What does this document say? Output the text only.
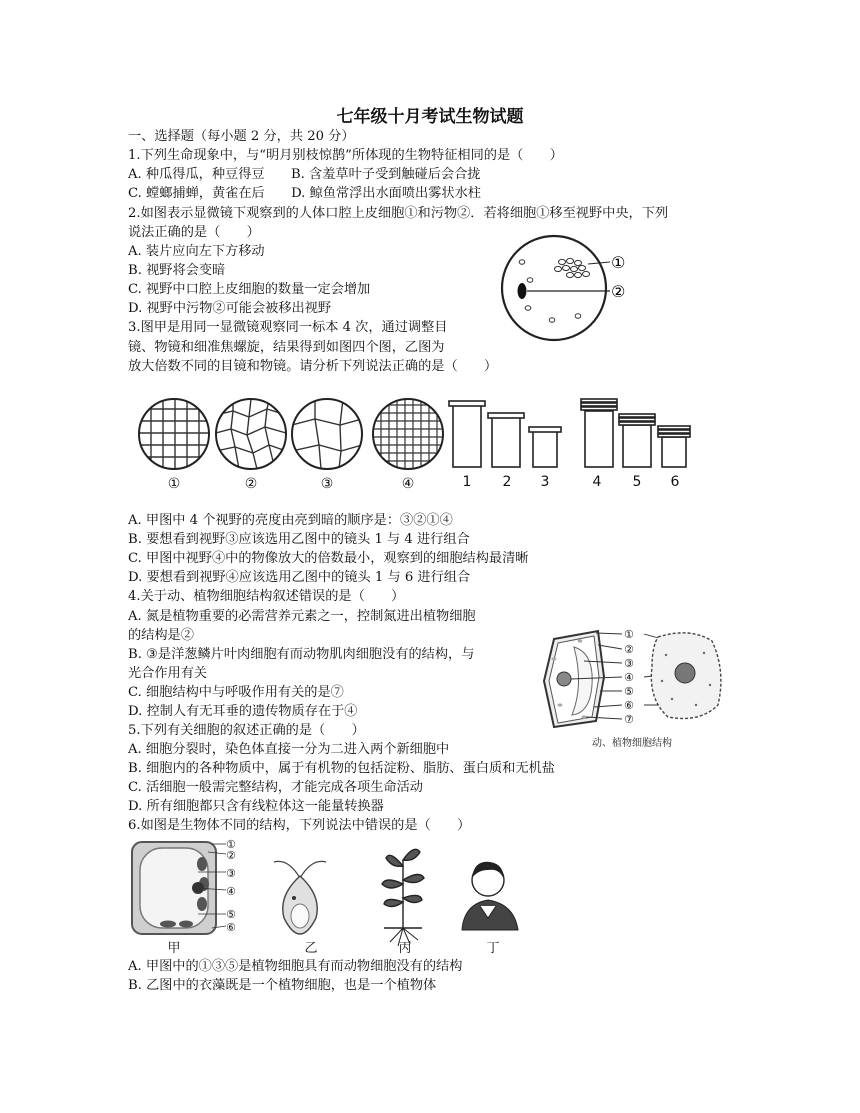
七年级十月考试生物试题
一、选择题（每小题 2 分，共 20 分）
1.下列生命现象中，与“明月别枝惊鹊”所体现的生物特征相同的是（　　）
A. 种瓜得瓜，种豆得豆　　B. 含羞草叶子受到触碰后会合拢
C. 螳螂捕蝉，黄雀在后　　D. 鲸鱼常浮出水面喷出雾状水柱
2.如图表示显微镜下观察到的人体口腔上皮细胞①和污物②．若将细胞①移至视野中央，下列
说法正确的是（　　）
A. 装片应向左下方移动
B. 视野将会变暗
C. 视野中口腔上皮细胞的数量一定会增加
D. 视野中污物②可能会被移出视野
①
②
3.图甲是用同一显微镜观察同一标本 4 次，通过调整目
镜、物镜和细准焦螺旋，结果得到如图四个图，乙图为
放大倍数不同的目镜和物镜。请分析下列说法正确的是（　　）
①	②	③	④	1 2 3	4 5 6
A. 甲图中 4 个视野的亮度由亮到暗的顺序是：③②①④
B. 要想看到视野③应该选用乙图中的镜头 1 与 4 进行组合
C. 甲图中视野④中的物像放大的倍数最小，观察到的细胞结构最清晰
D. 要想看到视野④应该选用乙图中的镜头 1 与 6 进行组合
4.关于动、植物细胞结构叙述错误的是（　　）
A. 氮是植物重要的必需营养元素之一，控制氮进出植物细胞
的结构是②
B. ③是洋葱鳞片叶肉细胞有而动物肌肉细胞没有的结构，与
光合作用有关
C. 细胞结构中与呼吸作用有关的是⑦
D. 控制人有无耳垂的遗传物质存在于④
①
②
③
④
⑤
⑥
⑦
动、植物细胞结构
5.下列有关细胞的叙述正确的是（　　）
A. 细胞分裂时，染色体直接一分为二进入两个新细胞中
B. 细胞内的各种物质中，属于有机物的包括淀粉、脂肪、蛋白质和无机盐
C. 活细胞一般需完整结构，才能完成各项生命活动
D. 所有细胞都只含有线粒体这一能量转换器
6.如图是生物体不同的结构，下列说法中错误的是（　　）
①
②
③
④
⑤
⑥
甲	乙	丙	丁
A. 甲图中的①③⑤是植物细胞具有而动物细胞没有的结构
B. 乙图中的衣藻既是一个植物细胞，也是一个植物体
